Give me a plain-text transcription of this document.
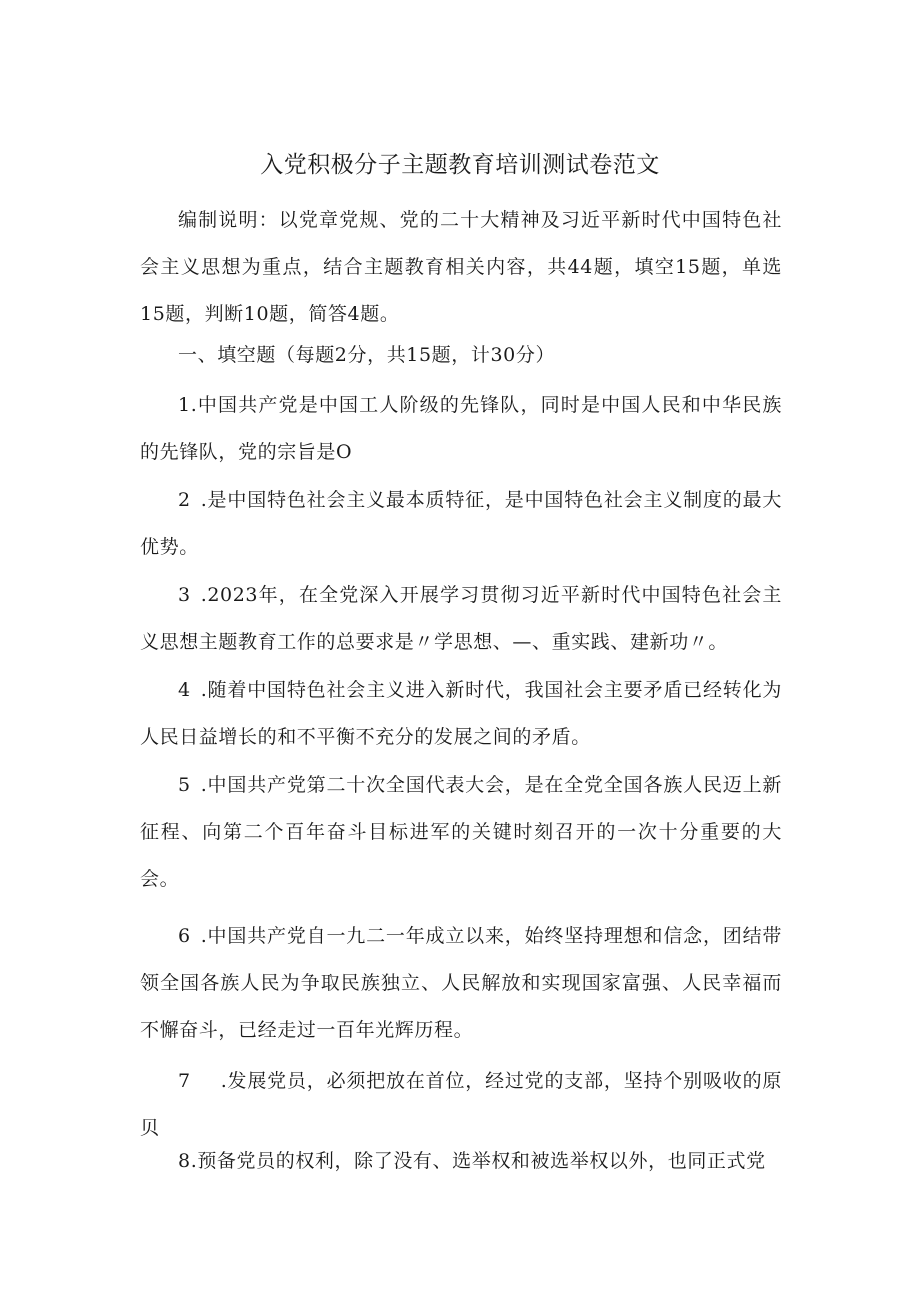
入党积极分子主题教育培训测试卷范文

编制说明：以党章党规、党的二十大精神及习近平新时代中国特色社会主义思想为重点，结合主题教育相关内容，共44题，填空15题，单选15题，判断10题，简答4题。

一、填空题（每题2分，共15题，计30分）

1.中国共产党是中国工人阶级的先锋队，同时是中国人民和中华民族的先锋队，党的宗旨是O

2 .是中国特色社会主义最本质特征，是中国特色社会主义制度的最大优势。

3 .2023年，在全党深入开展学习贯彻习近平新时代中国特色社会主义思想主题教育工作的总要求是〃学思想、—、重实践、建新功〃。

4 .随着中国特色社会主义进入新时代，我国社会主要矛盾已经转化为人民日益增长的和不平衡不充分的发展之间的矛盾。

5 .中国共产党第二十次全国代表大会，是在全党全国各族人民迈上新征程、向第二个百年奋斗目标进军的关键时刻召开的一次十分重要的大会。

6 .中国共产党自一九二一年成立以来，始终坚持理想和信念，团结带领全国各族人民为争取民族独立、人民解放和实现国家富强、人民幸福而不懈奋斗，已经走过一百年光辉历程。

7 .发展党员，必须把放在首位，经过党的支部，坚持个别吸收的原贝

8.预备党员的权利，除了没有、选举权和被选举权以外，也同正式党
